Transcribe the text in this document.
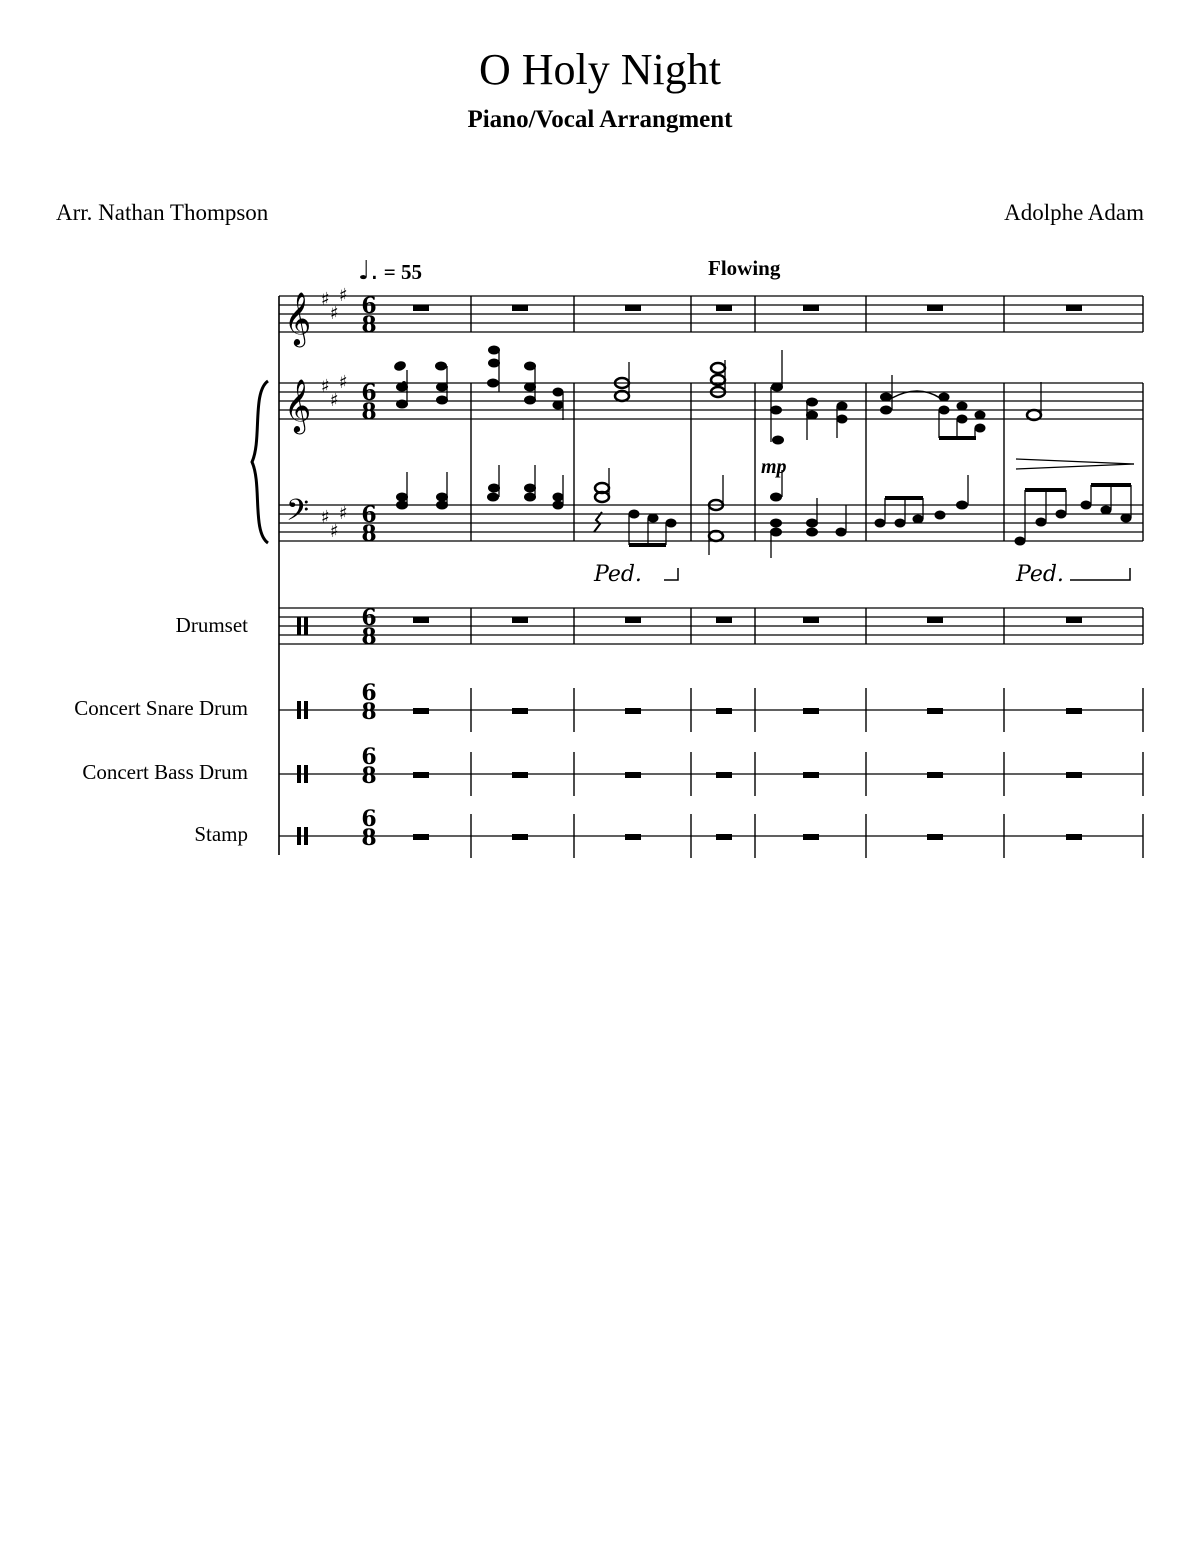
O Holy Night
Piano/Vocal Arrangment
Arr. Nathan Thompson	Adolphe Adam
♩. = 55	Flowing
Drumset
Concert Snare Drum
Concert Bass Drum
Stamp
mp
Ped.	Ped.
𝄞
𝄞
𝄢
♯
♯
♯
♯
♯
♯
♯
♯
♯
6
8
6
8
6
8
6
8
6
8
6
8
6
8
